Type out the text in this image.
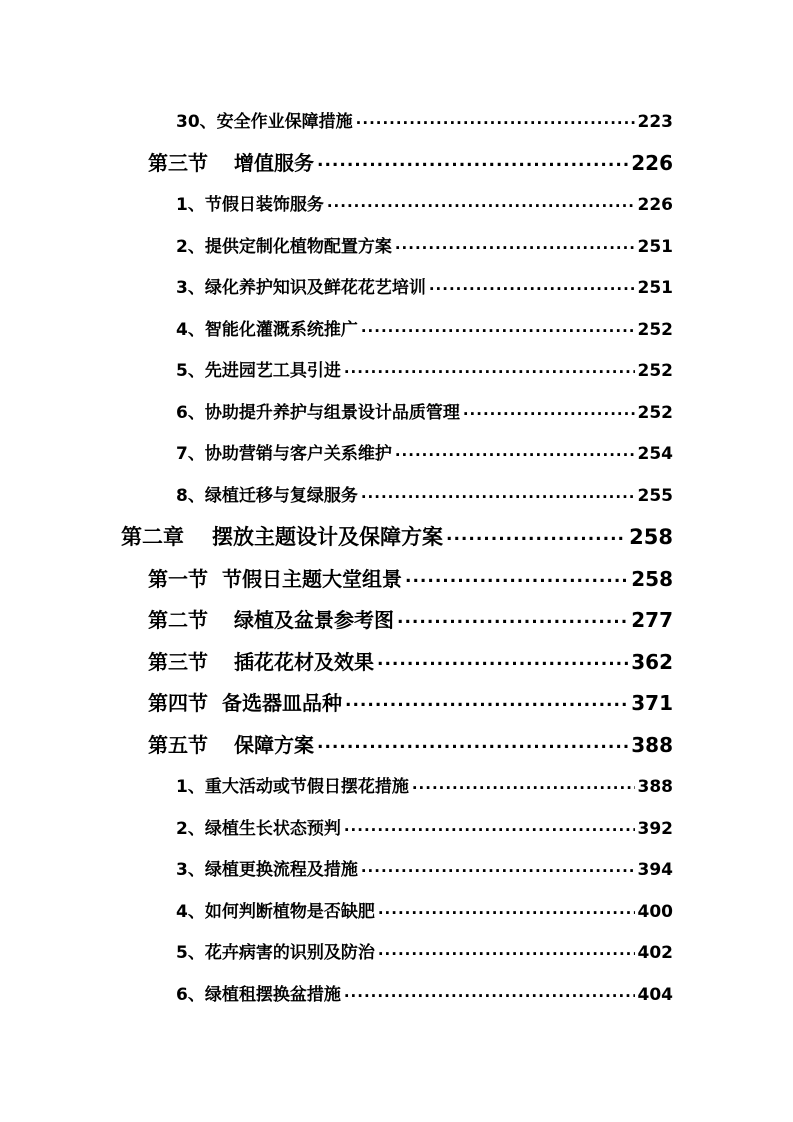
30、安全作业保障措施 .....	223
第三节 增值服务 .....	226
1、节假日装饰服务 .....	226
2、提供定制化植物配置方案 .....	251
3、绿化养护知识及鲜花花艺培训 .....	251
4、智能化灌溉系统推广 .....	252
5、先进园艺工具引进 .....	252
6、协助提升养护与组景设计品质管理 .....	252
7、协助营销与客户关系维护 .....	254
8、绿植迁移与复绿服务 .....	255
第二章 摆放主题设计及保障方案 .....	258
第一节 节假日主题大堂组景 .....	258
第二节 绿植及盆景参考图 .....	277
第三节 插花花材及效果 .....	362
第四节 备选器皿品种 .....	371
第五节 保障方案 .....	388
1、重大活动或节假日摆花措施 .....	388
2、绿植生长状态预判 .....	392
3、绿植更换流程及措施 .....	394
4、如何判断植物是否缺肥 .....	400
5、花卉病害的识别及防治 .....	402
6、绿植租摆换盆措施 .....	404
